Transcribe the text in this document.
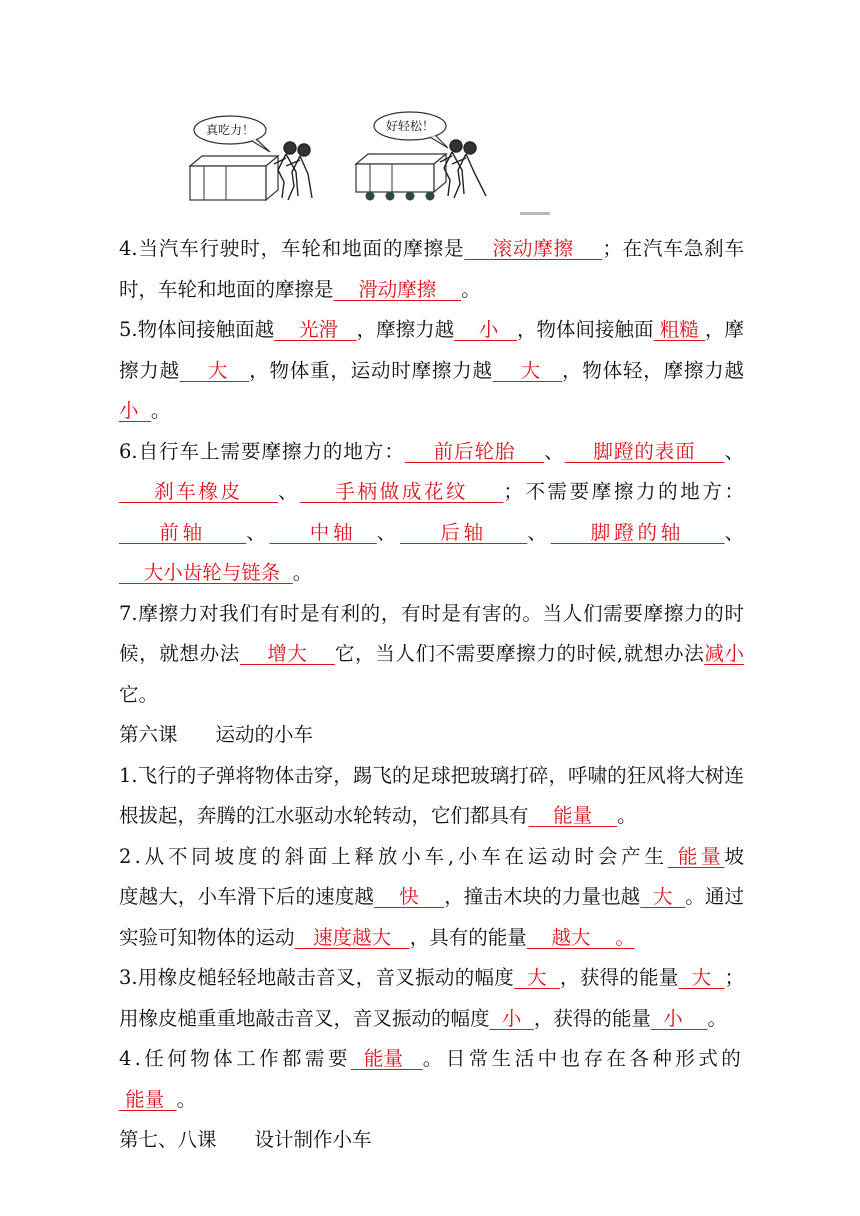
真吃力！	好轻松！

4.当汽车行驶时，车轮和地面的摩擦是    滚动摩擦    ；在汽车急刹车时，车轮和地面的摩擦是    滑动摩擦    。

5.物体间接触面越    光滑   ，摩擦力越    小   ，物体间接触面 粗糙 ，摩擦力越    大   ，物体重，运动时摩擦力越    大   ，物体轻，摩擦力越小  。

6.自行车上需要摩擦力的地方：    前后轮胎    、    脚蹬的表面    、    刹车橡皮    、    手柄做成花纹    ；不需要摩擦力的地方：    前轴    、    中轴  、    后轴    、    脚蹬的轴    、    大小齿轮与链条  。

7.摩擦力对我们有时是有利的，有时是有害的。当人们需要摩擦力的时候，就想办法    增大    它，当人们不需要摩擦力的时候,就想办法减小它。

第六课 运动的小车

1.飞行的子弹将物体击穿，踢飞的足球把玻璃打碎，呼啸的狂风将大树连根拔起，奔腾的江水驱动水轮转动，它们都具有    能量    。

2.从不同坡度的斜面上释放小车,小车在运动时会产生 能量坡度越大，小车滑下后的速度越    快    ，撞击木块的力量也越  大  。通过实验可知物体的运动   速度越大   ，具有的能量    越大    。

3.用橡皮槌轻轻地敲击音叉，音叉振动的幅度  大  ，获得的能量  大  ；用橡皮槌重重地敲击音叉，音叉振动的幅度  小  ，获得的能量  小    。

4.任何物体工作都需要  能量   。日常生活中也存在各种形式的 能量  。

第七、八课 设计制作小车
